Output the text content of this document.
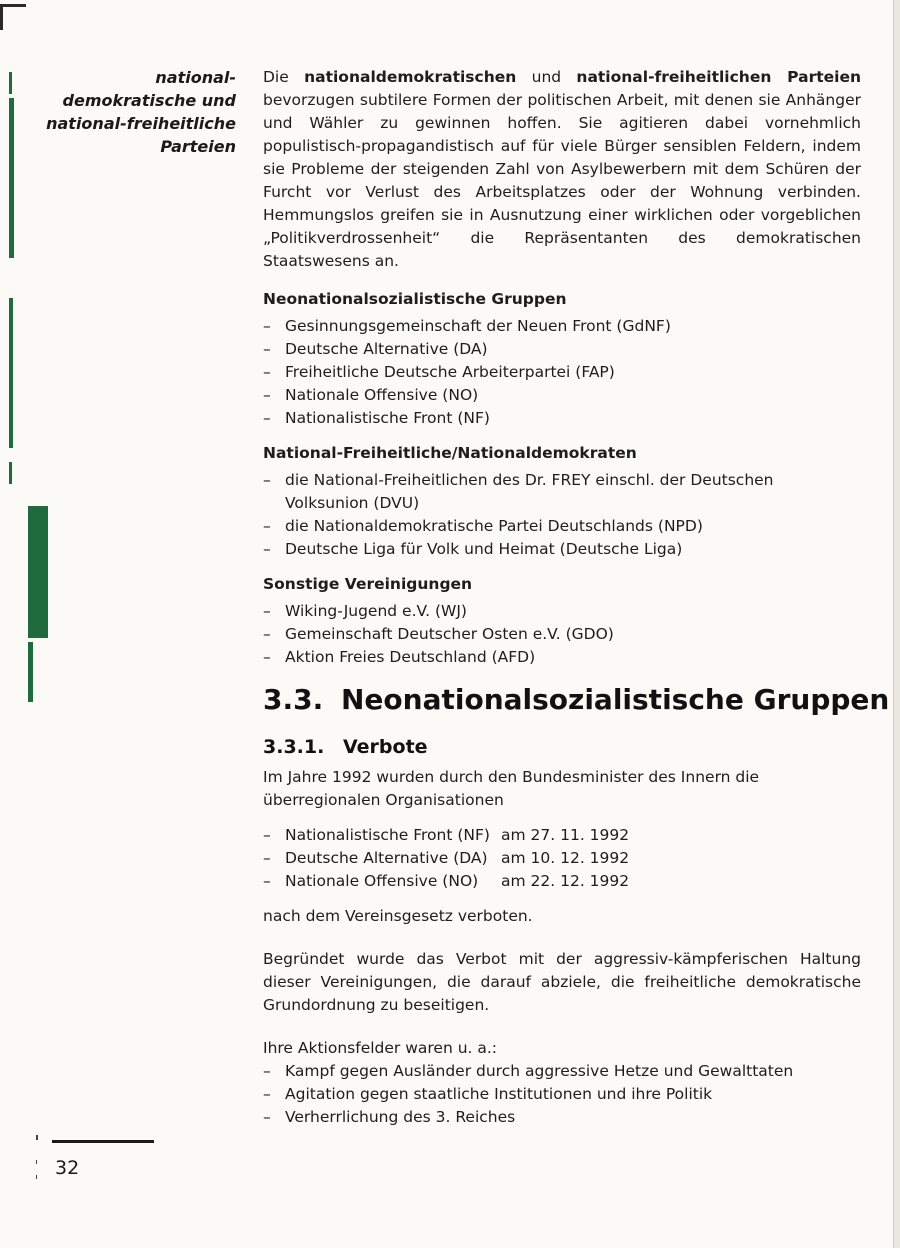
national-
demokratische und
national-freiheitliche
Parteien

Die nationaldemokratischen und national-freiheitlichen Parteien bevorzugen subtilere Formen der politischen Arbeit, mit denen sie Anhänger und Wähler zu gewinnen hoffen. Sie agitieren dabei vornehmlich populistisch-propagandistisch auf für viele Bürger sensiblen Feldern, indem sie Probleme der steigenden Zahl von Asylbewerbern mit dem Schüren der Furcht vor Verlust des Arbeitsplatzes oder der Wohnung verbinden. Hemmungslos greifen sie in Ausnutzung einer wirklichen oder vorgeblichen „Politikverdrossenheit“ die Repräsentanten des demokratischen Staatswesens an.

Neonationalsozialistische Gruppen
– Gesinnungsgemeinschaft der Neuen Front (GdNF)
– Deutsche Alternative (DA)
– Freiheitliche Deutsche Arbeiterpartei (FAP)
– Nationale Offensive (NO)
– Nationalistische Front (NF)
National-Freiheitliche/Nationaldemokraten
– die National-Freiheitlichen des Dr. FREY einschl. der Deutschen Volksunion (DVU)
– die Nationaldemokratische Partei Deutschlands (NPD)
– Deutsche Liga für Volk und Heimat (Deutsche Liga)
Sonstige Vereinigungen
– Wiking-Jugend e.V. (WJ)
– Gemeinschaft Deutscher Osten e.V. (GDO)
– Aktion Freies Deutschland (AFD)
3.3. Neonationalsozialistische Gruppen
3.3.1. Verbote

Im Jahre 1992 wurden durch den Bundesminister des Innern die überregionalen Organisationen

– Nationalistische Front (NF) am 27. 11. 1992
– Deutsche Alternative (DA) am 10. 12. 1992
– Nationale Offensive (NO) am 22. 12. 1992

nach dem Vereinsgesetz verboten.

Begründet wurde das Verbot mit der aggressiv-kämpferischen Haltung dieser Vereinigungen, die darauf abziele, die freiheitliche demokratische Grundordnung zu beseitigen.

Ihre Aktionsfelder waren u. a.:

– Kampf gegen Ausländer durch aggressive Hetze und Gewalttaten
– Agitation gegen staatliche Institutionen und ihre Politik
– Verherrlichung des 3. Reiches
32
